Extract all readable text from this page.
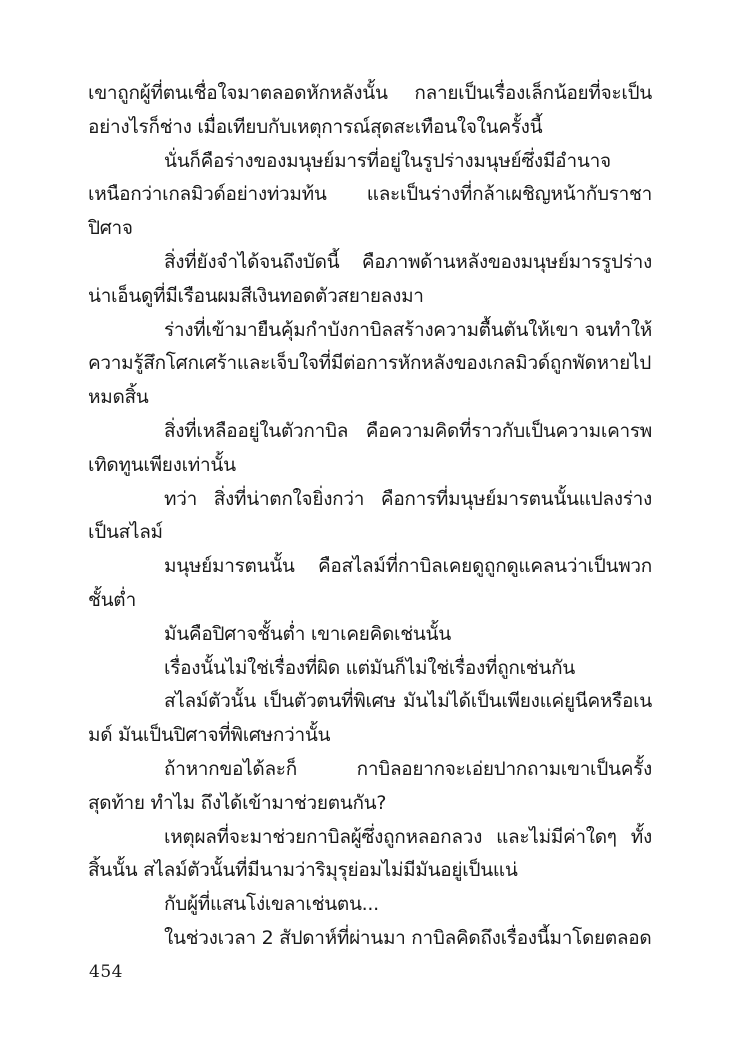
เขาถูกผู้ที่ตนเชื่อใจมาตลอดหักหลังนั้น กลายเป็นเรื่องเล็กน้อยที่จะเป็นอย่างไรก็ช่าง เมื่อเทียบกับเหตุการณ์สุดสะเทือนใจในครั้งนี้

นั่นก็คือร่างของมนุษย์มารที่อยู่ในรูปร่างมนุษย์ซึ่งมีอำนาจเหนือกว่าเกลมิวด์อย่างท่วมท้น และเป็นร่างที่กล้าเผชิญหน้ากับราชาปิศาจ

สิ่งที่ยังจำได้จนถึงบัดนี้ คือภาพด้านหลังของมนุษย์มารรูปร่างน่าเอ็นดูที่มีเรือนผมสีเงินทอดตัวสยายลงมา

ร่างที่เข้ามายืนคุ้มกำบังกาบิลสร้างความตื้นตันให้เขา จนทำให้ความรู้สึกโศกเศร้าและเจ็บใจที่มีต่อการหักหลังของเกลมิวด์ถูกพัดหายไปหมดสิ้น

สิ่งที่เหลืออยู่ในตัวกาบิล คือความคิดที่ราวกับเป็นความเคารพเทิดทูนเพียงเท่านั้น

ทว่า สิ่งที่น่าตกใจยิ่งกว่า คือการที่มนุษย์มารตนนั้นแปลงร่างเป็นสไลม์

มนุษย์มารตนนั้น คือสไลม์ที่กาบิลเคยดูถูกดูแคลนว่าเป็นพวกชั้นต่ำ

มันคือปิศาจชั้นต่ำ เขาเคยคิดเช่นนั้น

เรื่องนั้นไม่ใช่เรื่องที่ผิด แต่มันก็ไม่ใช่เรื่องที่ถูกเช่นกัน

สไลม์ตัวนั้น เป็นตัวตนที่พิเศษ มันไม่ได้เป็นเพียงแค่ยูนีคหรือเนมด์ มันเป็นปิศาจที่พิเศษกว่านั้น

ถ้าหากขอได้ละก็ กาบิลอยากจะเอ่ยปากถามเขาเป็นครั้งสุดท้าย ทำไม ถึงได้เข้ามาช่วยตนกัน?

เหตุผลที่จะมาช่วยกาบิลผู้ซึ่งถูกหลอกลวง และไม่มีค่าใดๆ ทั้งสิ้นนั้น สไลม์ตัวนั้นที่มีนามว่าริมุรุย่อมไม่มีมันอยู่เป็นแน่

กับผู้ที่แสนโง่เขลาเช่นตน...

ในช่วงเวลา 2 สัปดาห์ที่ผ่านมา กาบิลคิดถึงเรื่องนี้มาโดยตลอด

454
